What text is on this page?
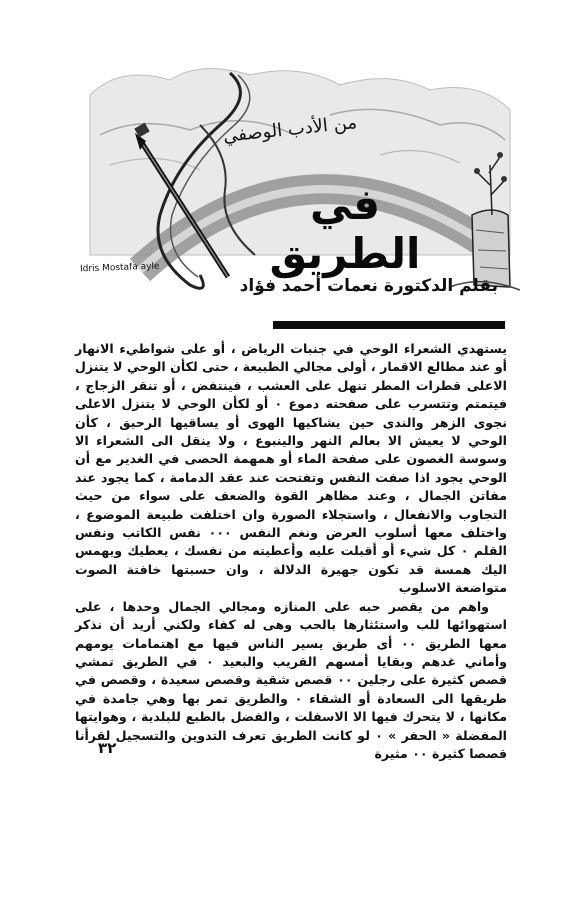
من الأدب الوصفي
في الطريق
Idris Mostafa ayle
بقلم الدكتورة نعمات أحمد فؤاد

يستهدي الشعراء الوحي في جنبات الرياض ، أو على شواطيء الانهار أو عند مطالع الاقمار ، أولى مجالي الطبيعة ، حتى لكأن الوحي لا يتنزل الاعلى قطرات المطر تنهل على العشب ، فينتفض ، أو تنقر الزجاج ، فيتمتم وتتسرب على صفحته دموع ٠ أو لكأن الوحي لا يتنزل الاعلى نجوى الزهر والندى حين يشاكيها الهوى أو يساقيها الرحيق ، كأن الوحي لا يعيش الا بعالم النهر والينبوع ، ولا ينقل الى الشعراء الا وسوسة الغصون على صفحة الماء أو همهمة الحصى في الغدير مع أن الوحي يجود اذا صفت النفس وتفتحت عند عقد الدمامة ، كما يجود عند مفاتن الجمال ، وعند مظاهر القوة والضعف على سواء من حيث التجاوب والانفعال ، واستجلاء الصورة وان اختلفت طبيعة الموضوع ، واختلف معها أسلوب العرض ونغم النفس ٠٠٠ نفس الكاتب ونفس القلم ٠ كل شيء أو أقبلت عليه وأعطيته من نفسك ، يعطيك ويهمس اليك همسة قد تكون جهيرة الدلالة ، وان حسبتها خافتة الصوت متواضعة الاسلوب

واهم من يقصر حبه على المنازه ومجالي الجمال وحدها ، على استهوائها للب واستئثارها بالحب وهى له كفاء ولكني أريد أن نذكر معها الطريق ٠٠ أى طريق يسير الناس فيها مع اهتمامات يومهم وأماني غدهم وبقايا أمسهم القريب والبعيد ٠ في الطريق تمشي قصص كثيرة على رجلين ٠٠ قصص شقية وقصص سعيدة ، وقصص في طريقها الى السعادة أو الشقاء ٠ والطريق تمر بها وهي جامدة في مكانها ، لا يتحرك فيها الا الاسفلت ، والفضل بالطبع للبلدية ، وهوايتها المفضلة « الحفر » ٠ لو كانت الطريق تعرف التدوين والتسجيل لقرأنا قصصا كثيرة ٠٠ مثيرة

٣٢
